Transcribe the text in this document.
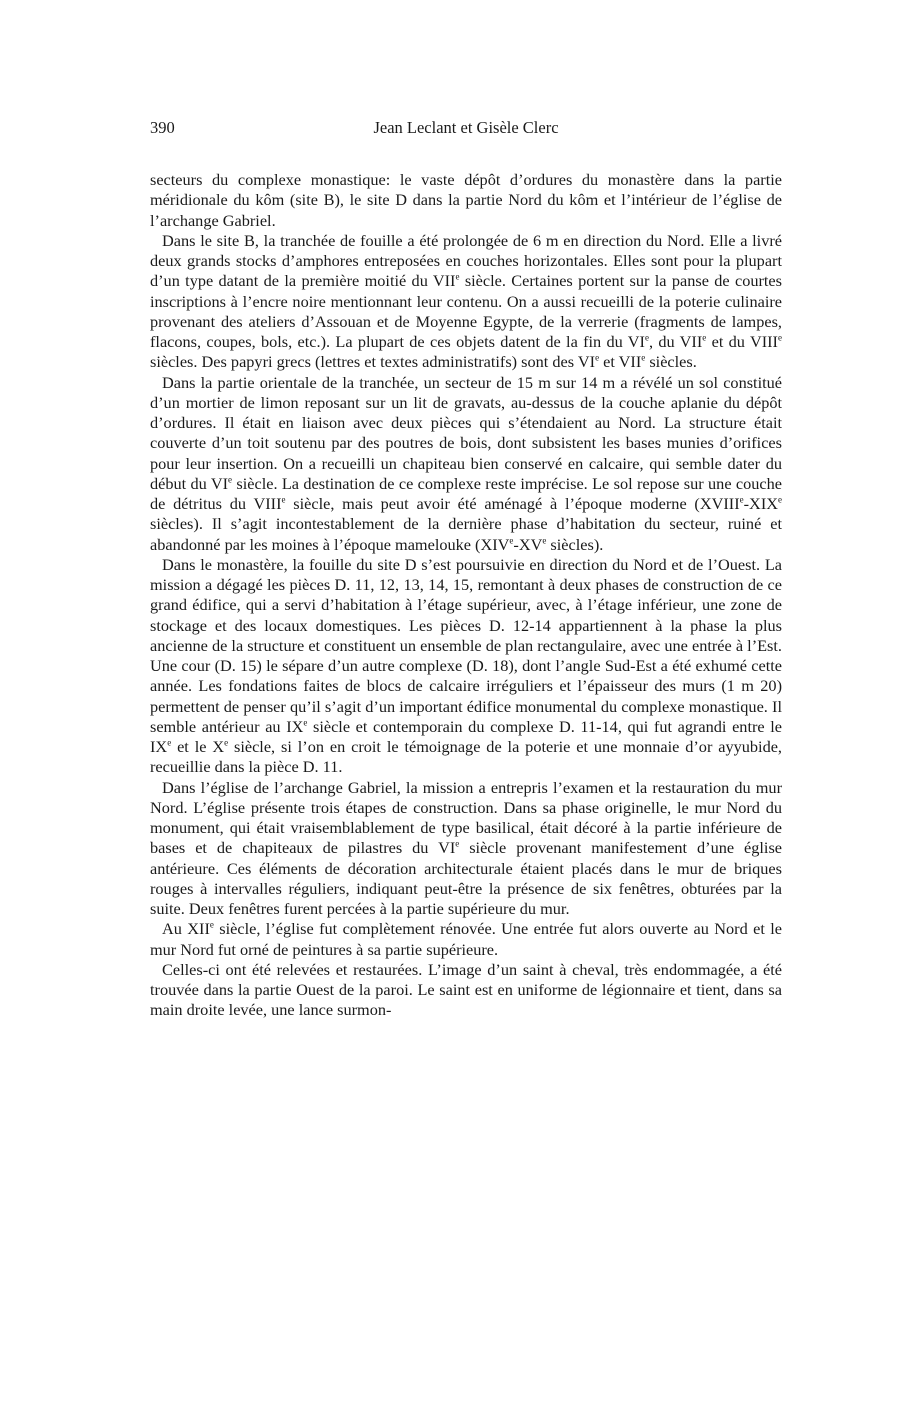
390	Jean Leclant et Gisèle Clerc

secteurs du complexe monastique: le vaste dépôt d’ordures du monastère dans la partie méridionale du kôm (site B), le site D dans la partie Nord du kôm et l’intérieur de l’église de l’archange Gabriel.

Dans le site B, la tranchée de fouille a été prolongée de 6 m en direction du Nord. Elle a livré deux grands stocks d’amphores entreposées en couches horizontales. Elles sont pour la plupart d’un type datant de la première moitié du VIIe siècle. Certaines portent sur la panse de courtes inscriptions à l’encre noire mentionnant leur contenu. On a aussi recueilli de la poterie culinaire provenant des ateliers d’Assouan et de Moyenne Egypte, de la verrerie (fragments de lampes, flacons, coupes, bols, etc.). La plupart de ces objets datent de la fin du VIe, du VIIe et du VIIIe siècles. Des papyri grecs (lettres et textes administratifs) sont des VIe et VIIe siècles.

Dans la partie orientale de la tranchée, un secteur de 15 m sur 14 m a révélé un sol constitué d’un mortier de limon reposant sur un lit de gravats, au-dessus de la couche aplanie du dépôt d’ordures. Il était en liaison avec deux pièces qui s’étendaient au Nord. La structure était couverte d’un toit soutenu par des poutres de bois, dont subsistent les bases munies d’orifices pour leur insertion. On a recueilli un chapiteau bien conservé en calcaire, qui semble dater du début du VIe siècle. La destination de ce complexe reste imprécise. Le sol repose sur une couche de détritus du VIIIe siècle, mais peut avoir été aménagé à l’époque moderne (XVIIIe-XIXe siècles). Il s’agit incontestablement de la dernière phase d’habitation du secteur, ruiné et abandonné par les moines à l’époque mamelouke (XIVe-XVe siècles).

Dans le monastère, la fouille du site D s’est poursuivie en direction du Nord et de l’Ouest. La mission a dégagé les pièces D. 11, 12, 13, 14, 15, remontant à deux phases de construction de ce grand édifice, qui a servi d’habitation à l’étage supérieur, avec, à l’étage inférieur, une zone de stockage et des locaux domestiques. Les pièces D. 12-14 appartiennent à la phase la plus ancienne de la structure et constituent un ensemble de plan rectangulaire, avec une entrée à l’Est. Une cour (D. 15) le sépare d’un autre complexe (D. 18), dont l’angle Sud-Est a été exhumé cette année. Les fondations faites de blocs de calcaire irréguliers et l’épaisseur des murs (1 m 20) permettent de penser qu’il s’agit d’un important édifice monumental du complexe monastique. Il semble antérieur au IXe siècle et contemporain du complexe D. 11-14, qui fut agrandi entre le IXe et le Xe siècle, si l’on en croit le témoignage de la poterie et une monnaie d’or ayyubide, recueillie dans la pièce D. 11.

Dans l’église de l’archange Gabriel, la mission a entrepris l’examen et la restauration du mur Nord. L’église présente trois étapes de construction. Dans sa phase originelle, le mur Nord du monument, qui était vraisemblablement de type basilical, était décoré à la partie inférieure de bases et de chapiteaux de pilastres du VIe siècle provenant manifestement d’une église antérieure. Ces éléments de décoration architecturale étaient placés dans le mur de briques rouges à intervalles réguliers, indiquant peut-être la présence de six fenêtres, obturées par la suite. Deux fenêtres furent percées à la partie supérieure du mur.

Au XIIe siècle, l’église fut complètement rénovée. Une entrée fut alors ouverte au Nord et le mur Nord fut orné de peintures à sa partie supérieure.

Celles-ci ont été relevées et restaurées. L’image d’un saint à cheval, très endommagée, a été trouvée dans la partie Ouest de la paroi. Le saint est en uniforme de légionnaire et tient, dans sa main droite levée, une lance surmon-
